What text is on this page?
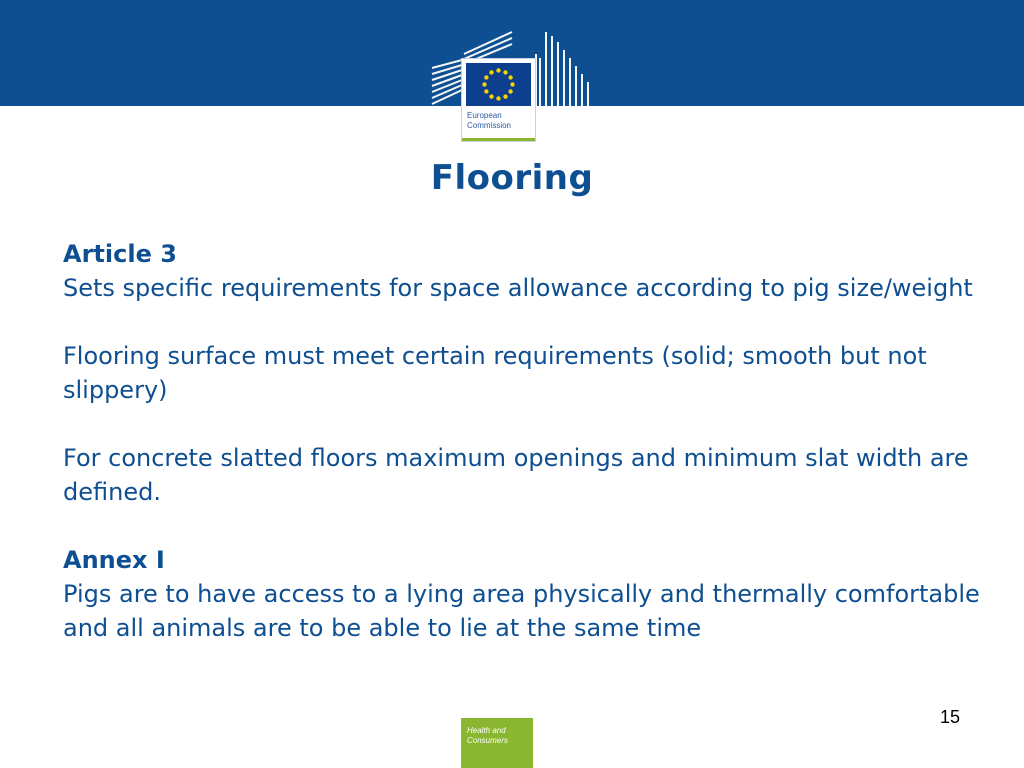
European
Commission
Flooring

Article 3

Sets specific requirements for space allowance according to pig size/weight

Flooring surface must meet certain requirements (solid; smooth but not slippery)

For concrete slatted floors maximum openings and minimum slat width are defined.

Annex I

Pigs are to have access to a lying area physically and thermally comfortable and all animals are to be able to lie at the same time

Health and
Consumers
15
